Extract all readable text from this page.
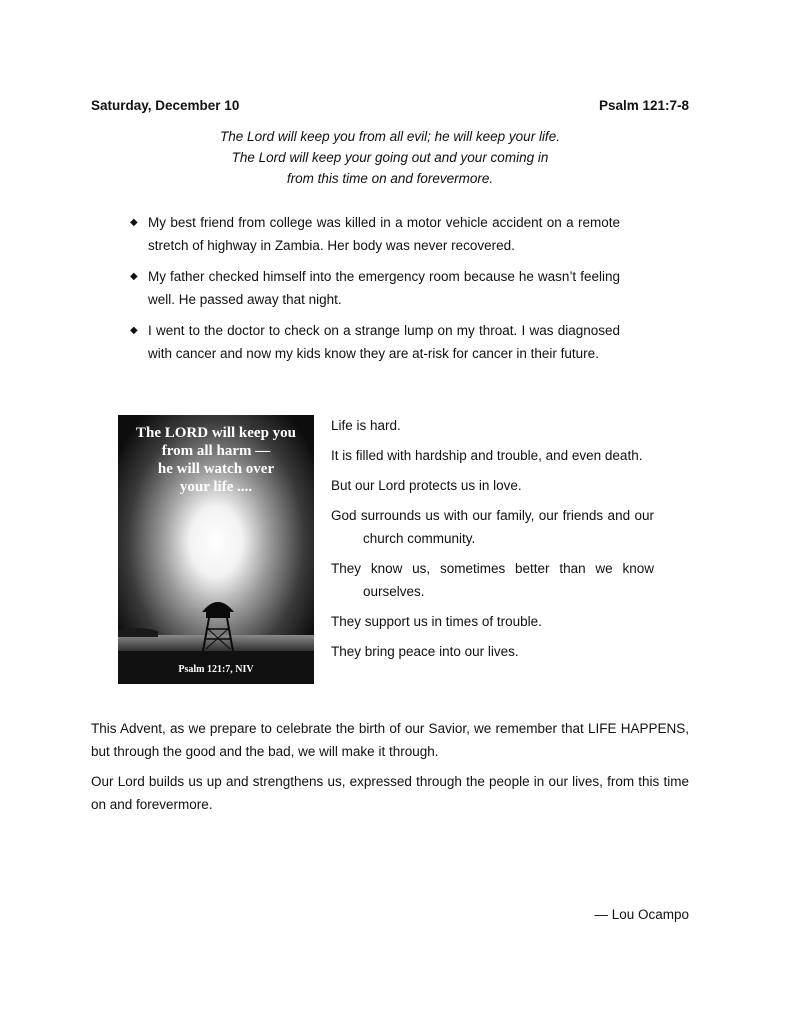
Saturday, December 10	Psalm 121:7-8
The Lord will keep you from all evil; he will keep your life.
The Lord will keep your going out and your coming in
from this time on and forevermore.
◆ My best friend from college was killed in a motor vehicle accident on a remote stretch of highway in Zambia. Her body was never recovered.
◆ My father checked himself into the emergency room because he wasn’t feeling well. He passed away that night.
◆ I went to the doctor to check on a strange lump on my throat. I was diagnosed with cancer and now my kids know they are at-risk for cancer in their future.
The LORD will keep you
from all harm —
he will watch over
your life ....
Psalm 121:7, NIV

Life is hard.

It is filled with hardship and trouble, and even death.

But our Lord protects us in love.

God surrounds us with our family, our friends and our church community.

They know us, sometimes better than we know ourselves.

They support us in times of trouble.

They bring peace into our lives.

This Advent, as we prepare to celebrate the birth of our Savior, we remember that LIFE HAPPENS, but through the good and the bad, we will make it through.

Our Lord builds us up and strengthens us, expressed through the people in our lives, from this time on and forevermore.

— Lou Ocampo
